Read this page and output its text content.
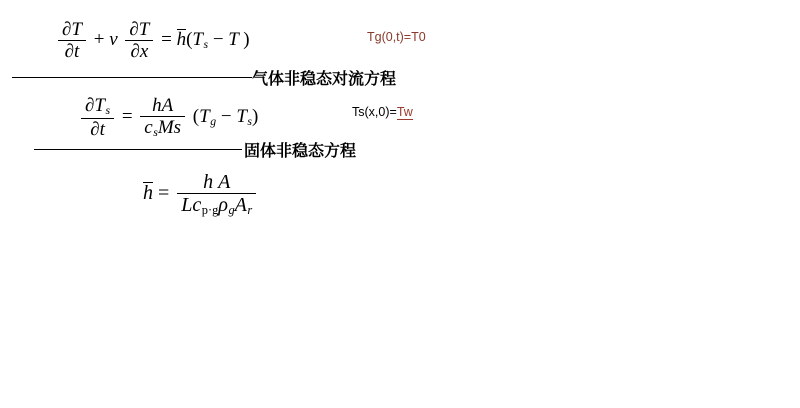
$\frac{\partial T}{\partial t} + v \frac{\partial T}{\partial x} = h(T_s - T$ )
气体非稳态对流方程
Tg(0,t)=T0
$\frac{\partial T_s}{\partial t} = \frac{hA}{c_sMs} (T_g - T_s)$
固体非稳态方程
Ts(x,0)=Tw
$h = \frac{\text{h A}}{Lc_{p\cdot g}\rho_gA_r}$
